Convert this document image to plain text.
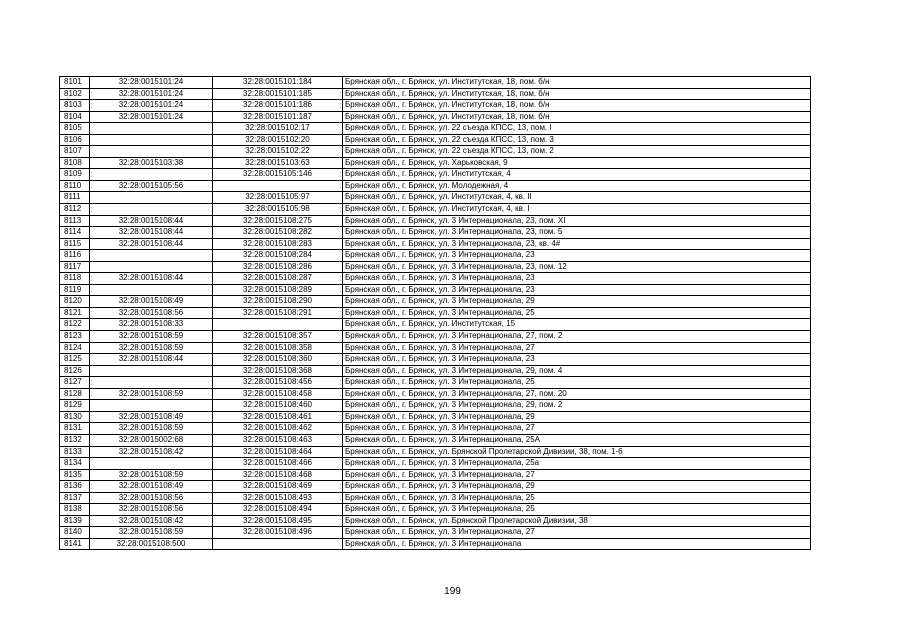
8101	32:28:0015101:24	32:28:0015101:184	Брянская обл., г. Брянск, ул. Институтская, 18, пом. б/н
8102	32:28:0015101:24	32:28:0015101:185	Брянская обл., г. Брянск, ул. Институтская, 18, пом. б/н
8103	32:28:0015101:24	32:28:0015101:186	Брянская обл., г. Брянск, ул. Институтская, 18, пом. б/н
8104	32:28:0015101:24	32:28:0015101:187	Брянская обл., г. Брянск, ул. Институтская, 18, пом. б/н
8105		32:28:0015102:17	Брянская обл., г. Брянск, ул. 22 съезда КПСС, 13, пом. I
8106		32:28:0015102:20	Брянская обл., г. Брянск, ул. 22 съезда КПСС, 13, пом. 3
8107		32:28:0015102:22	Брянская обл., г. Брянск, ул. 22 съезда КПСС, 13, пом. 2
8108	32:28:0015103:38	32:28:0015103:63	Брянская обл., г. Брянск, ул. Харьковская, 9
8109		32:28:0015105:146	Брянская обл., г. Брянск, ул. Институтская, 4
8110	32:28:0015105:56		Брянская обл., г. Брянск, ул. Молодежная, 4
8111		32:28:0015105:97	Брянская обл., г. Брянск, ул. Институтская, 4, кв. II
8112		32:28:0015105:98	Брянская обл., г. Брянск, ул. Институтская, 4, кв. I
8113	32:28:0015108:44	32:28:0015108:275	Брянская обл., г. Брянск, ул. 3 Интернационала, 23, пом. XI
8114	32:28:0015108:44	32:28:0015108:282	Брянская обл., г. Брянск, ул. 3 Интернационала, 23, пом. 5
8115	32:28:0015108:44	32:28:0015108:283	Брянская обл., г. Брянск, ул. 3 Интернационала, 23, кв. 4#
8116		32:28:0015108:284	Брянская обл., г. Брянск, ул. 3 Интернационала, 23
8117		32:28:0015108:286	Брянская обл., г. Брянск, ул. 3 Интернационала, 23, пом. 12
8118	32:28:0015108:44	32:28:0015108:287	Брянская обл., г. Брянск, ул. 3 Интернационала, 23
8119		32:28:0015108:289	Брянская обл., г. Брянск, ул. 3 Интернационала, 23
8120	32:28:0015108:49	32:28:0015108:290	Брянская обл., г. Брянск, ул. 3 Интернационала, 29
8121	32:28:0015108:56	32:28:0015108:291	Брянская обл., г. Брянск, ул. 3 Интернационала, 25
8122	32:28:0015108:33		Брянская обл., г. Брянск, ул. Институтская, 15
8123	32:28:0015108:59	32:28:0015108:357	Брянская обл., г. Брянск, ул. 3 Интернационала, 27, пом. 2
8124	32:28:0015108:59	32:28:0015108:358	Брянская обл., г. Брянск, ул. 3 Интернационала, 27
8125	32:28:0015108:44	32:28:0015108:360	Брянская обл., г. Брянск, ул. 3 Интернационала, 23
8126		32:28:0015108:368	Брянская обл., г. Брянск, ул. 3 Интернационала, 29, пом. 4
8127		32:28:0015108:456	Брянская обл., г. Брянск, ул. 3 Интернационала, 25
8128	32:28:0015108:59	32:28:0015108:458	Брянская обл., г. Брянск, ул. 3 Интернационала, 27, пом. 20
8129		32:28:0015108:460	Брянская обл., г. Брянск, ул. 3 Интернационала, 29, пом. 2
8130	32:28:0015108:49	32:28:0015108:461	Брянская обл., г. Брянск, ул. 3 Интернационала, 29
8131	32:28:0015108:59	32:28:0015108:462	Брянская обл., г. Брянск, ул. 3 Интернационала, 27
8132	32:28:0015002:68	32:28:0015108:463	Брянская обл., г. Брянск, ул. 3 Интернационала, 25А
8133	32:28:0015108:42	32:28:0015108:464	Брянская обл., г. Брянск, ул. Брянской Пролетарской Дивизии, 38, пом. 1-6
8134		32:28:0015108:466	Брянская обл., г. Брянск, ул. 3 Интернационала, 25а
8135	32:28:0015108:59	32:28:0015108:468	Брянская обл., г. Брянск, ул. 3 Интернационала, 27
8136	32:28:0015108:49	32:28:0015108:469	Брянская обл., г. Брянск, ул. 3 Интернационала, 29
8137	32:28:0015108:56	32:28:0015108:493	Брянская обл., г. Брянск, ул. 3 Интернационала, 25
8138	32:28:0015108:56	32:28:0015108:494	Брянская обл., г. Брянск, ул. 3 Интернационала, 25
8139	32:28:0015108:42	32:28:0015108:495	Брянская обл., г. Брянск, ул. Брянской Пролетарской Дивизии, 38
8140	32:28:0015108:59	32:28:0015108:496	Брянская обл., г. Брянск, ул. 3 Интернационала, 27
8141	32:28:0015108:500		Брянская обл., г. Брянск, ул. 3 Интернационала
199
